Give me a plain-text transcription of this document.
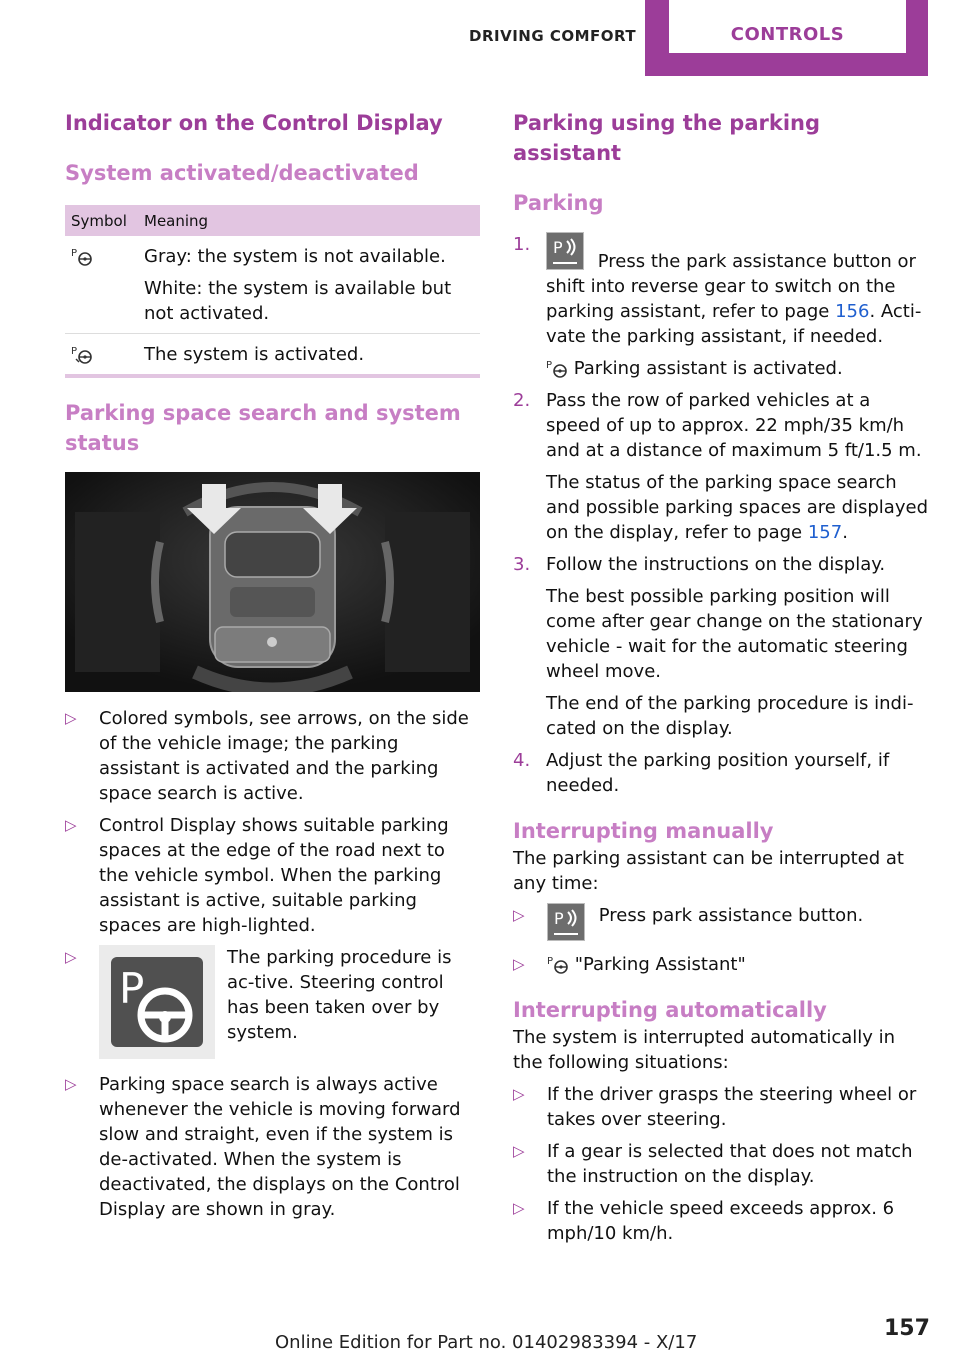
DRIVING COMFORT	CONTROLS
Indicator on the Control Display
System activated/deactivated
Symbol	Meaning

P	Gray: the system is not available.

White: the system is available but not activated.

P	The system is activated.
Parking space search and system status
▷ Colored symbols, see arrows, on the side of the vehicle image; the parking assistant is activated and the parking space search is active.
▷ Control Display shows suitable parking spaces at the edge of the road next to the vehicle symbol. When the parking assistant is active, suitable parking spaces are high‐lighted.
▷
P
The parking procedure is ac‐tive. Steering control has been taken over by system.
▷ Parking space search is always active whenever the vehicle is moving forward slow and straight, even if the system is de‐activated. When the system is deactivated, the displays on the Control Display are shown in gray.
Parking using the parking assistant
Parking
1. P
Press the park assistance button or shift into reverse gear to switch on the parking assistant, refer to page 156. Acti‐vate the parking assistant, if needed.

P Parking assistant is activated.

2. Pass the row of parked vehicles at a speed of up to approx. 22 mph/35 km/h and at a distance of maximum 5 ft/1.5 m.

The status of the parking space search and possible parking spaces are displayed on the display, refer to page 157.

3. Follow the instructions on the display.

The best possible parking position will come after gear change on the stationary vehicle - wait for the automatic steering wheel move.

The end of the parking procedure is indi‐cated on the display.

4. Adjust the parking position yourself, if needed.
Interrupting manually

The parking assistant can be interrupted at any time:

▷ P Press park assistance button.
▷ P "Parking Assistant"
Interrupting automatically

The system is interrupted automatically in the following situations:

▷ If the driver grasps the steering wheel or takes over steering.
▷ If a gear is selected that does not match the instruction on the display.
▷ If the vehicle speed exceeds approx. 6 mph/10 km/h.
157
Online Edition for Part no. 01402983394 - X/17
